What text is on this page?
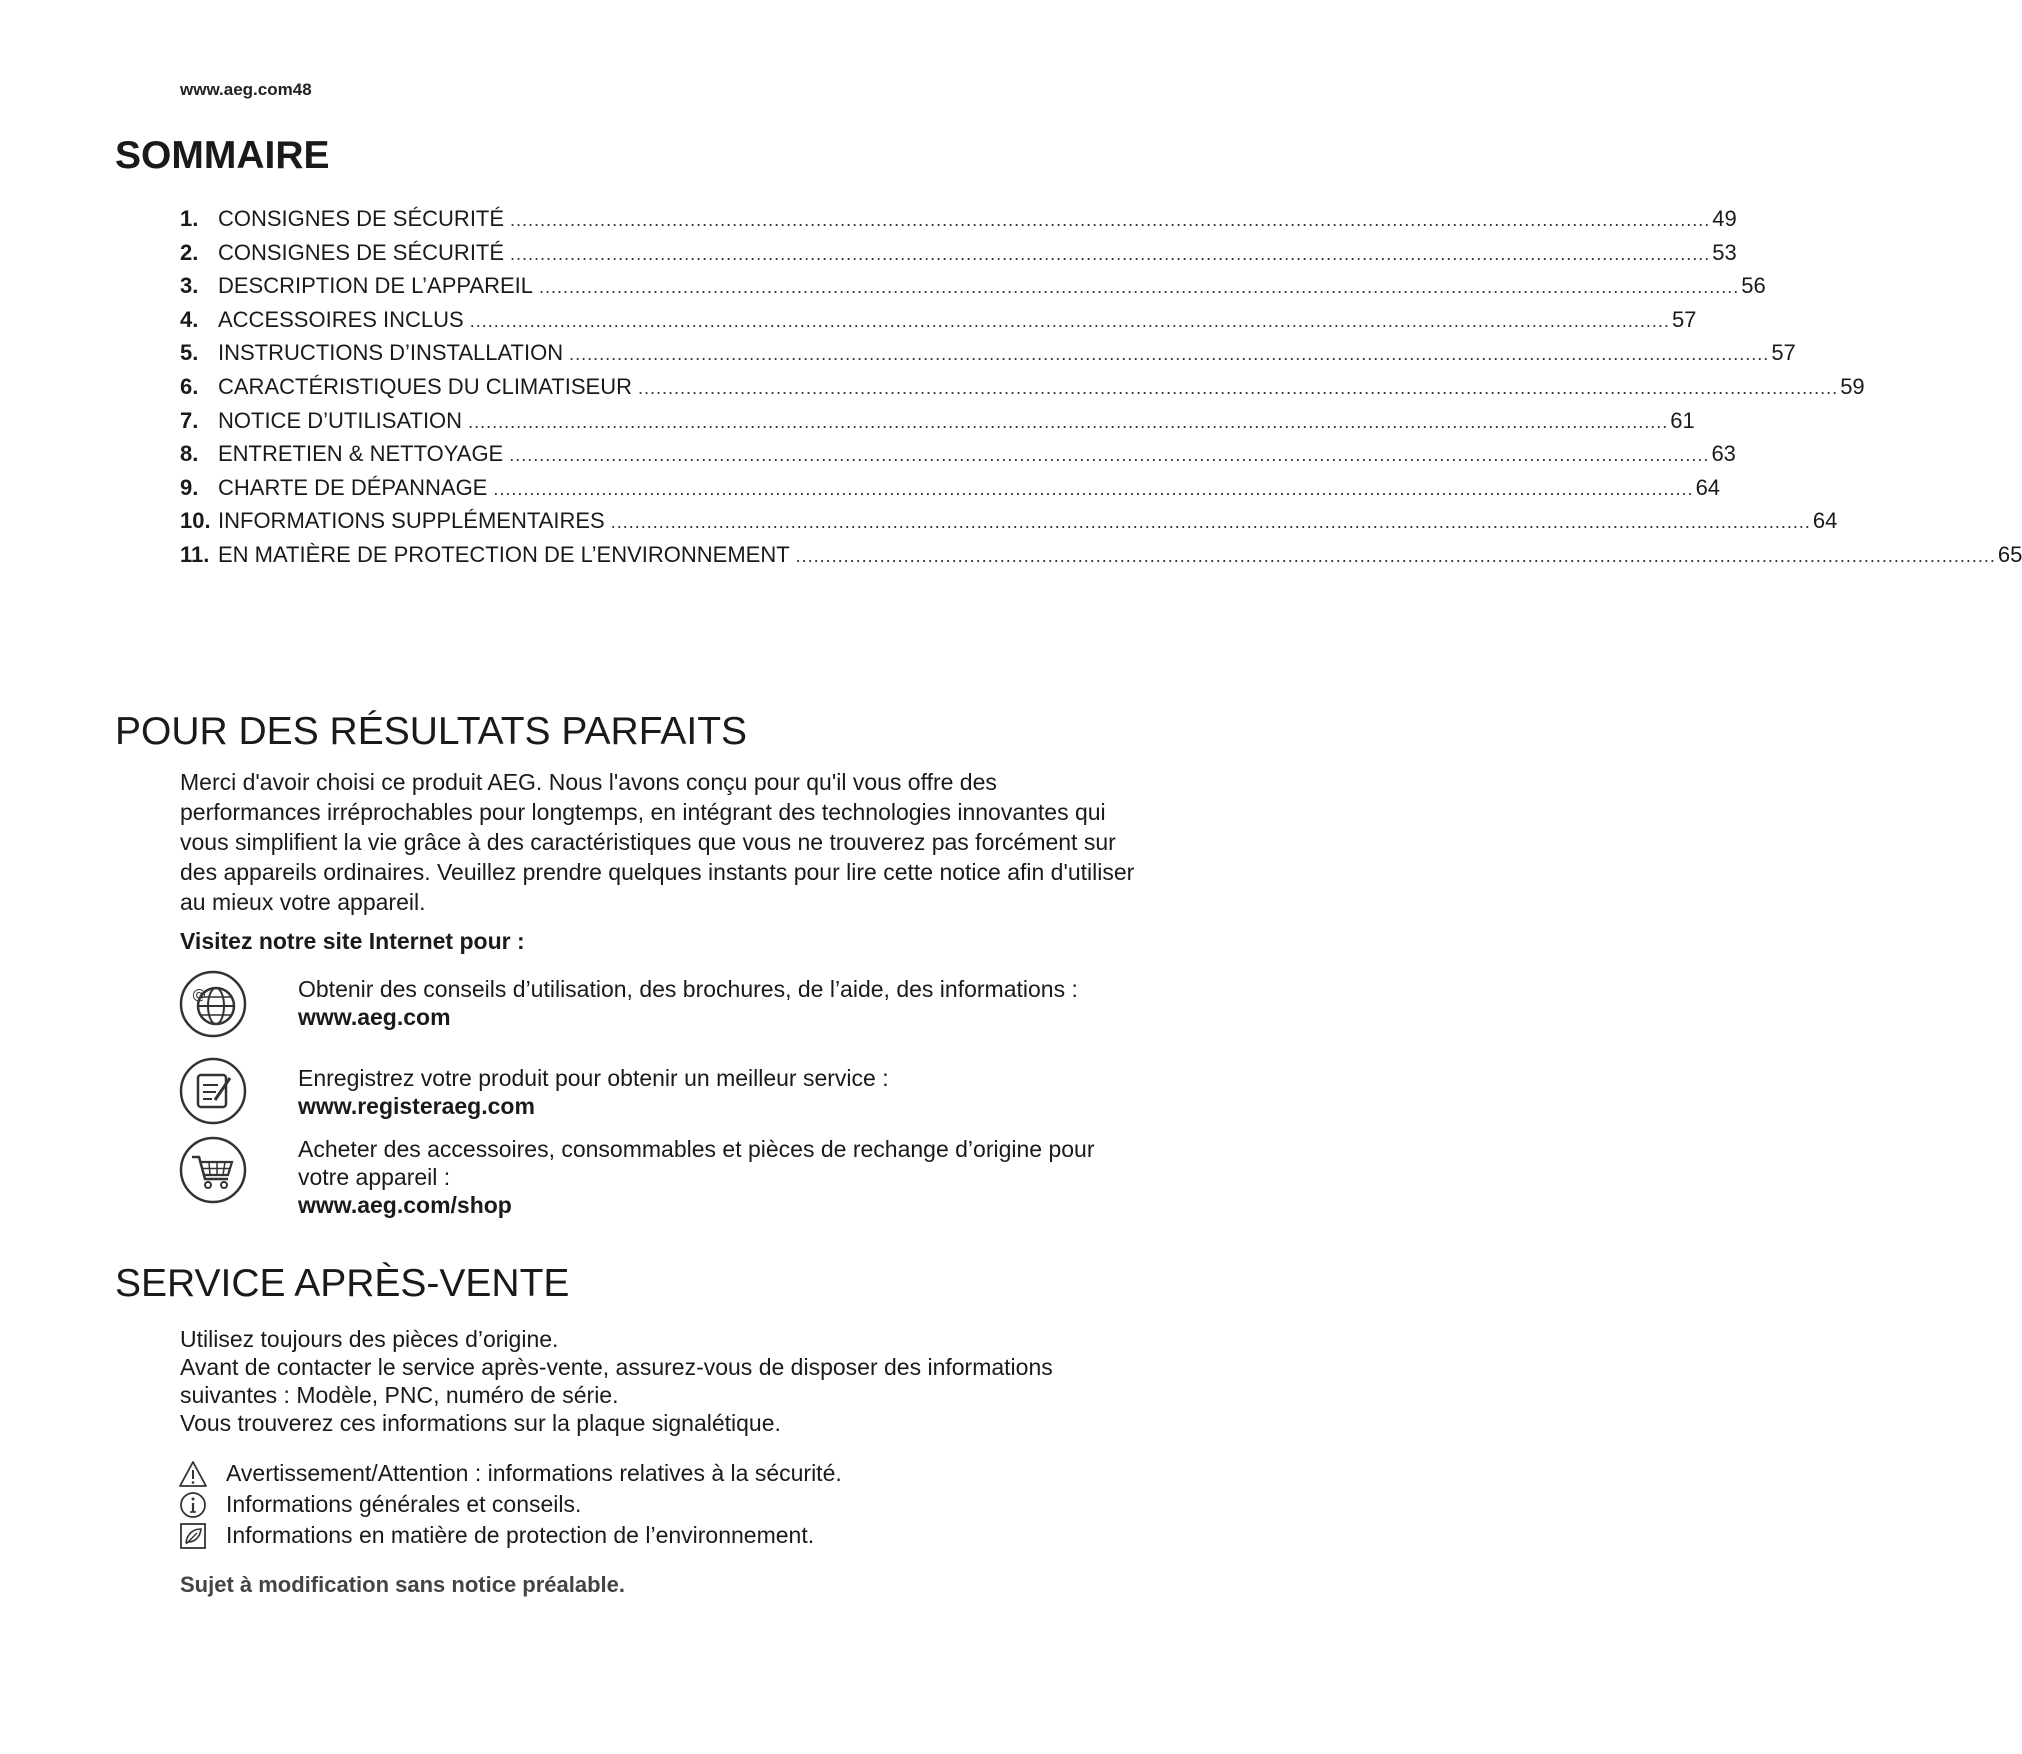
www.aeg.com48
SOMMAIRE
1. CONSIGNES DE SÉCURITÉ ........................................................................................................................................................................................................ 49
2. CONSIGNES DE SÉCURITÉ ........................................................................................................................................................................................................ 53
3. DESCRIPTION DE L’APPAREIL ........................................................................................................................................................................................................ 56
4. ACCESSOIRES INCLUS ........................................................................................................................................................................................................ 57
5. INSTRUCTIONS D’INSTALLATION ........................................................................................................................................................................................................ 57
6. CARACTÉRISTIQUES DU CLIMATISEUR ........................................................................................................................................................................................................ 59
7. NOTICE D’UTILISATION ........................................................................................................................................................................................................ 61
8. ENTRETIEN & NETTOYAGE ........................................................................................................................................................................................................ 63
9. CHARTE DE DÉPANNAGE ........................................................................................................................................................................................................ 64
10. INFORMATIONS SUPPLÉMENTAIRES ........................................................................................................................................................................................................ 64
11. EN MATIÈRE DE PROTECTION DE L’ENVIRONNEMENT ........................................................................................................................................................................................................ 65
POUR DES RÉSULTATS PARFAITS

Merci d'avoir choisi ce produit AEG. Nous l'avons conçu pour qu'il vous offre des performances irréprochables pour longtemps, en intégrant des technologies innovantes qui vous simplifient la vie grâce à des caractéristiques que vous ne trouverez pas forcément sur des appareils ordinaires. Veuillez prendre quelques instants pour lire cette notice afin d'utiliser au mieux votre appareil.

Visitez notre site Internet pour :

@	Obtenir des conseils d’utilisation, des brochures, de l’aide, des informations :
www.aeg.com
Enregistrez votre produit pour obtenir un meilleur service :
www.registeraeg.com
Acheter des accessoires, consommables et pièces de rechange d’origine pour votre appareil :
www.aeg.com/shop
SERVICE APRÈS-VENTE
Utilisez toujours des pièces d’origine.
Avant de contacter le service après-vente, assurez-vous de disposer des informations suivantes : Modèle, PNC, numéro de série.
Vous trouverez ces informations sur la plaque signalétique.
Avertissement/Attention : informations relatives à la sécurité.
Informations générales et conseils.
Informations en matière de protection de l’environnement.

Sujet à modification sans notice préalable.
